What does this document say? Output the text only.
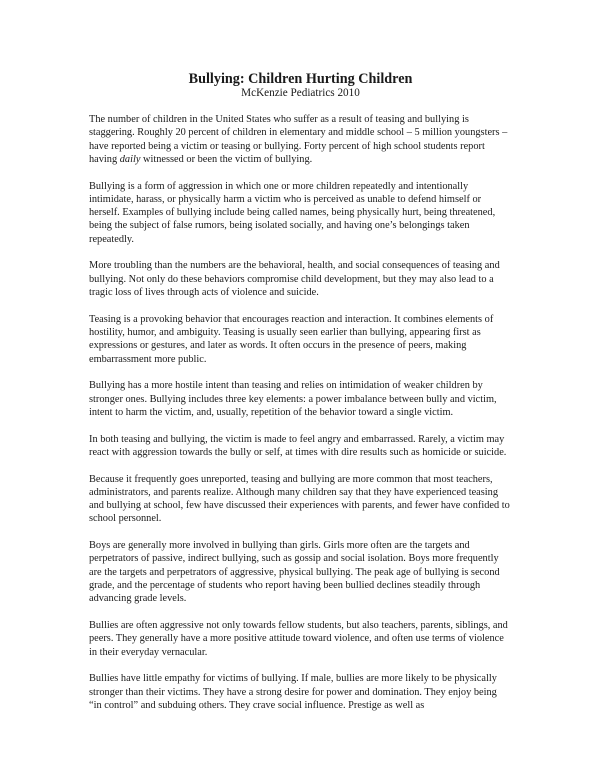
Bullying: Children Hurting Children

McKenzie Pediatrics 2010

The number of children in the United States who suffer as a result of teasing and bullying is staggering. Roughly 20 percent of children in elementary and middle school – 5 million youngsters – have reported being a victim or teasing or bullying. Forty percent of high school students report having daily witnessed or been the victim of bullying.

Bullying is a form of aggression in which one or more children repeatedly and intentionally intimidate, harass, or physically harm a victim who is perceived as unable to defend himself or herself. Examples of bullying include being called names, being physically hurt, being threatened, being the subject of false rumors, being isolated socially, and having one’s belongings taken repeatedly.

More troubling than the numbers are the behavioral, health, and social consequences of teasing and bullying. Not only do these behaviors compromise child development, but they may also lead to a tragic loss of lives through acts of violence and suicide.

Teasing is a provoking behavior that encourages reaction and interaction. It combines elements of hostility, humor, and ambiguity. Teasing is usually seen earlier than bullying, appearing first as expressions or gestures, and later as words. It often occurs in the presence of peers, making embarrassment more public.

Bullying has a more hostile intent than teasing and relies on intimidation of weaker children by stronger ones. Bullying includes three key elements: a power imbalance between bully and victim, intent to harm the victim, and, usually, repetition of the behavior toward a single victim.

In both teasing and bullying, the victim is made to feel angry and embarrassed. Rarely, a victim may react with aggression towards the bully or self, at times with dire results such as homicide or suicide.

Because it frequently goes unreported, teasing and bullying are more common that most teachers, administrators, and parents realize. Although many children say that they have experienced teasing and bullying at school, few have discussed their experiences with parents, and fewer have confided to school personnel.

Boys are generally more involved in bullying than girls. Girls more often are the targets and perpetrators of passive, indirect bullying, such as gossip and social isolation. Boys more frequently are the targets and perpetrators of aggressive, physical bullying. The peak age of bullying is second grade, and the percentage of students who report having been bullied declines steadily through advancing grade levels.

Bullies are often aggressive not only towards fellow students, but also teachers, parents, siblings, and peers. They generally have a more positive attitude toward violence, and often use terms of violence in their everyday vernacular.

Bullies have little empathy for victims of bullying. If male, bullies are more likely to be physically stronger than their victims. They have a strong desire for power and domination. They enjoy being “in control” and subduing others. They crave social influence. Prestige as well as
